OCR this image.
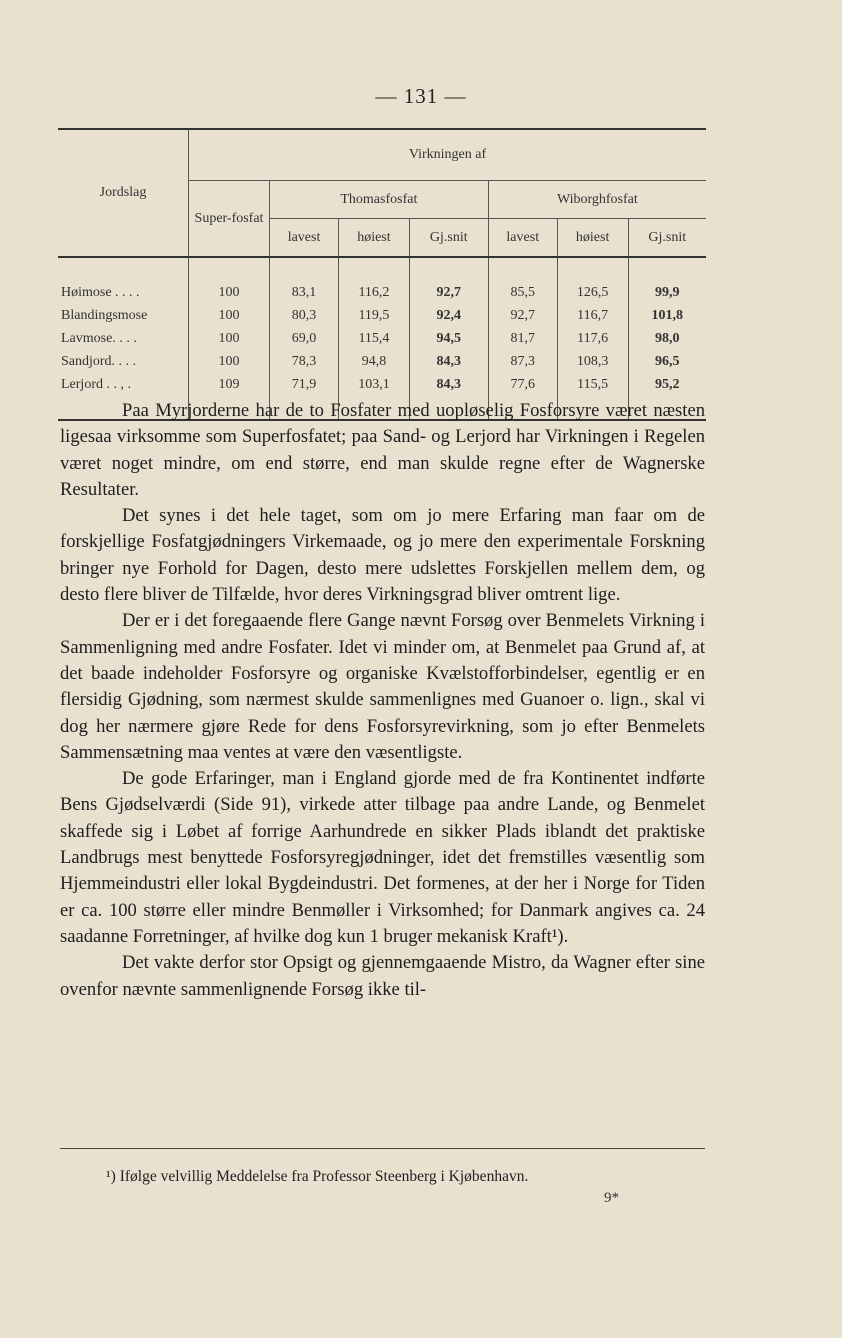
— 131 —
Jordslag	Virkningen af						
	Super-fosfat	Thomasfosfat			Wiborghfosfat		
		lavest	høiest	Gj.snit	lavest	høiest	Gj.snit

Høimose . . . .	100	83,1	116,2	92,7	85,5	126,5	99,9
Blandingsmose	100	80,3	119,5	92,4	92,7	116,7	101,8
Lavmose. . . .	100	69,0	115,4	94,5	81,7	117,6	98,0
Sandjord. . . .	100	78,3	94,8	84,3	87,3	108,3	96,5
Lerjord . . , .	109	71,9	103,1	84,3	77,6	115,5	95,2

Paa Myrjorderne har de to Fosfater med uopløselig Fosforsyre været næsten ligesaa virksomme som Superfosfatet; paa Sand- og Lerjord har Virkningen i Regelen været noget mindre, om end større, end man skulde regne efter de Wagnerske Resultater.

Det synes i det hele taget, som om jo mere Erfaring man faar om de forskjellige Fosfatgjødningers Virkemaade, og jo mere den experimentale Forskning bringer nye Forhold for Dagen, desto mere udslettes Forskjellen mellem dem, og desto flere bliver de Tilfælde, hvor deres Virkningsgrad bliver omtrent lige.

Der er i det foregaaende flere Gange nævnt Forsøg over Benmelets Virkning i Sammenligning med andre Fosfater. Idet vi minder om, at Benmelet paa Grund af, at det baade indeholder Fosforsyre og organiske Kvælstofforbindelser, egentlig er en flersidig Gjødning, som nærmest skulde sammenlignes med Guanoer o. lign., skal vi dog her nærmere gjøre Rede for dens Fosforsyrevirkning, som jo efter Benmelets Sammensætning maa ventes at være den væsentligste.

De gode Erfaringer, man i England gjorde med de fra Kontinentet indførte Bens Gjødselværdi (Side 91), virkede atter tilbage paa andre Lande, og Benmelet skaffede sig i Løbet af forrige Aarhundrede en sikker Plads iblandt det praktiske Landbrugs mest benyttede Fosforsyregjødninger, idet det fremstilles væsentlig som Hjemmeindustri eller lokal Bygdeindustri. Det formenes, at der her i Norge for Tiden er ca. 100 større eller mindre Benmøller i Virksomhed; for Danmark angives ca. 24 saadanne Forretninger, af hvilke dog kun 1 bruger mekanisk Kraft¹).

Det vakte derfor stor Opsigt og gjennemgaaende Mistro, da Wagner efter sine ovenfor nævnte sammenlignende Forsøg ikke til-

¹) Ifølge velvillig Meddelelse fra Professor Steenberg i Kjøbenhavn.
9*
